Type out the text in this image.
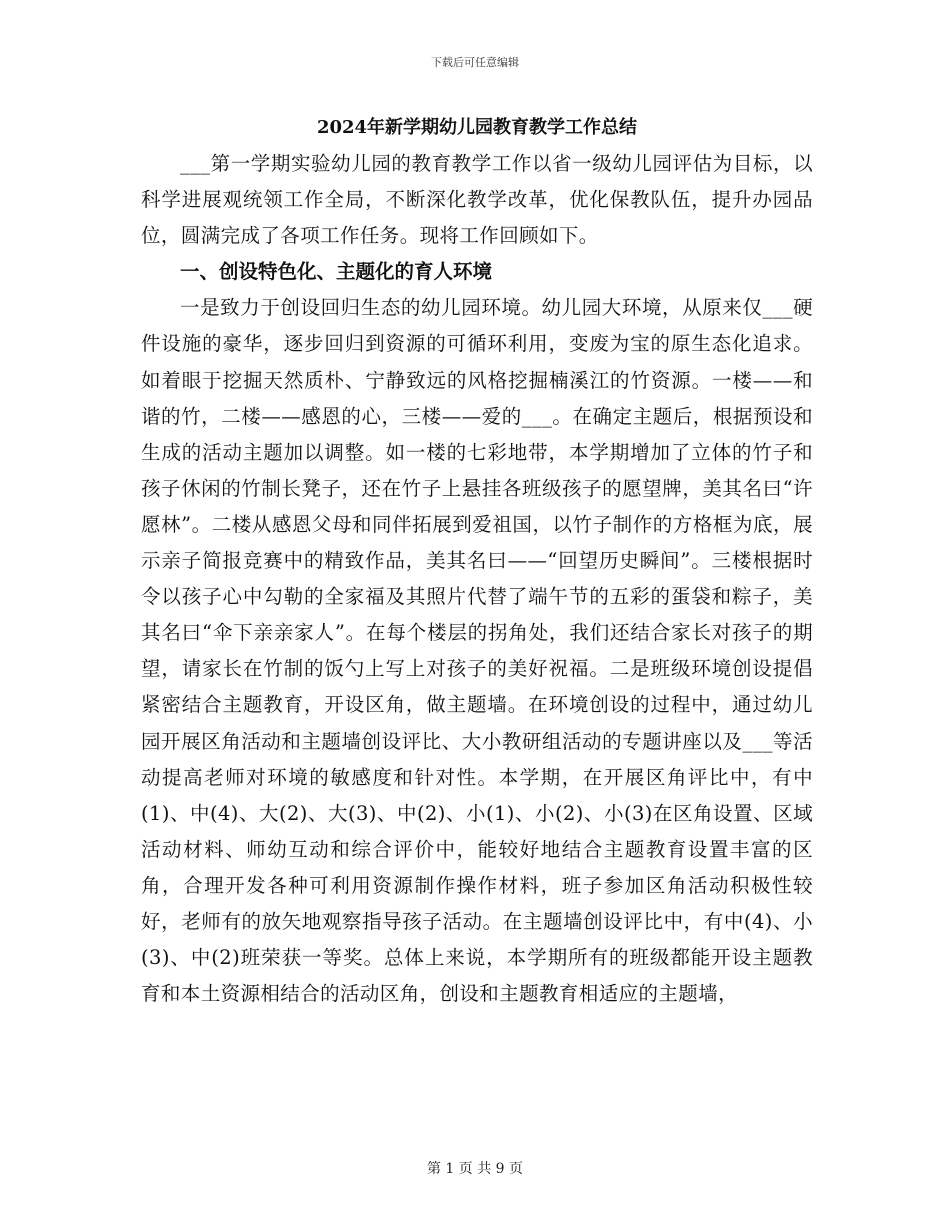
下载后可任意编辑
2024年新学期幼儿园教育教学工作总结

___第一学期实验幼儿园的教育教学工作以省一级幼儿园评估为目标，以科学进展观统领工作全局，不断深化教学改革，优化保教队伍，提升办园品位，圆满完成了各项工作任务。现将工作回顾如下。

一、创设特色化、主题化的育人环境

一是致力于创设回归生态的幼儿园环境。幼儿园大环境，从原来仅___硬件设施的豪华，逐步回归到资源的可循环利用，变废为宝的原生态化追求。如着眼于挖掘天然质朴、宁静致远的风格挖掘楠溪江的竹资源。一楼——和谐的竹，二楼——感恩的心，三楼——爱的___。在确定主题后，根据预设和生成的活动主题加以调整。如一楼的七彩地带，本学期增加了立体的竹子和孩子休闲的竹制长凳子，还在竹子上悬挂各班级孩子的愿望牌，美其名曰“许愿林”。二楼从感恩父母和同伴拓展到爱祖国，以竹子制作的方格框为底，展示亲子简报竞赛中的精致作品，美其名曰——“回望历史瞬间”。三楼根据时令以孩子心中勾勒的全家福及其照片代替了端午节的五彩的蛋袋和粽子，美其名曰“伞下亲亲家人”。在每个楼层的拐角处，我们还结合家长对孩子的期望，请家长在竹制的饭勺上写上对孩子的美好祝福。二是班级环境创设提倡紧密结合主题教育，开设区角，做主题墙。在环境创设的过程中，通过幼儿园开展区角活动和主题墙创设评比、大小教研组活动的专题讲座以及___等活动提高老师对环境的敏感度和针对性。本学期，在开展区角评比中，有中(1)、中(4)、大(2)、大(3)、中(2)、小(1)、小(2)、小(3)在区角设置、区域活动材料、师幼互动和综合评价中，能较好地结合主题教育设置丰富的区角，合理开发各种可利用资源制作操作材料，班子参加区角活动积极性较好，老师有的放矢地观察指导孩子活动。在主题墙创设评比中，有中(4)、小(3)、中(2)班荣获一等奖。总体上来说，本学期所有的班级都能开设主题教育和本土资源相结合的活动区角，创设和主题教育相适应的主题墙，

第 1 页 共 9 页
